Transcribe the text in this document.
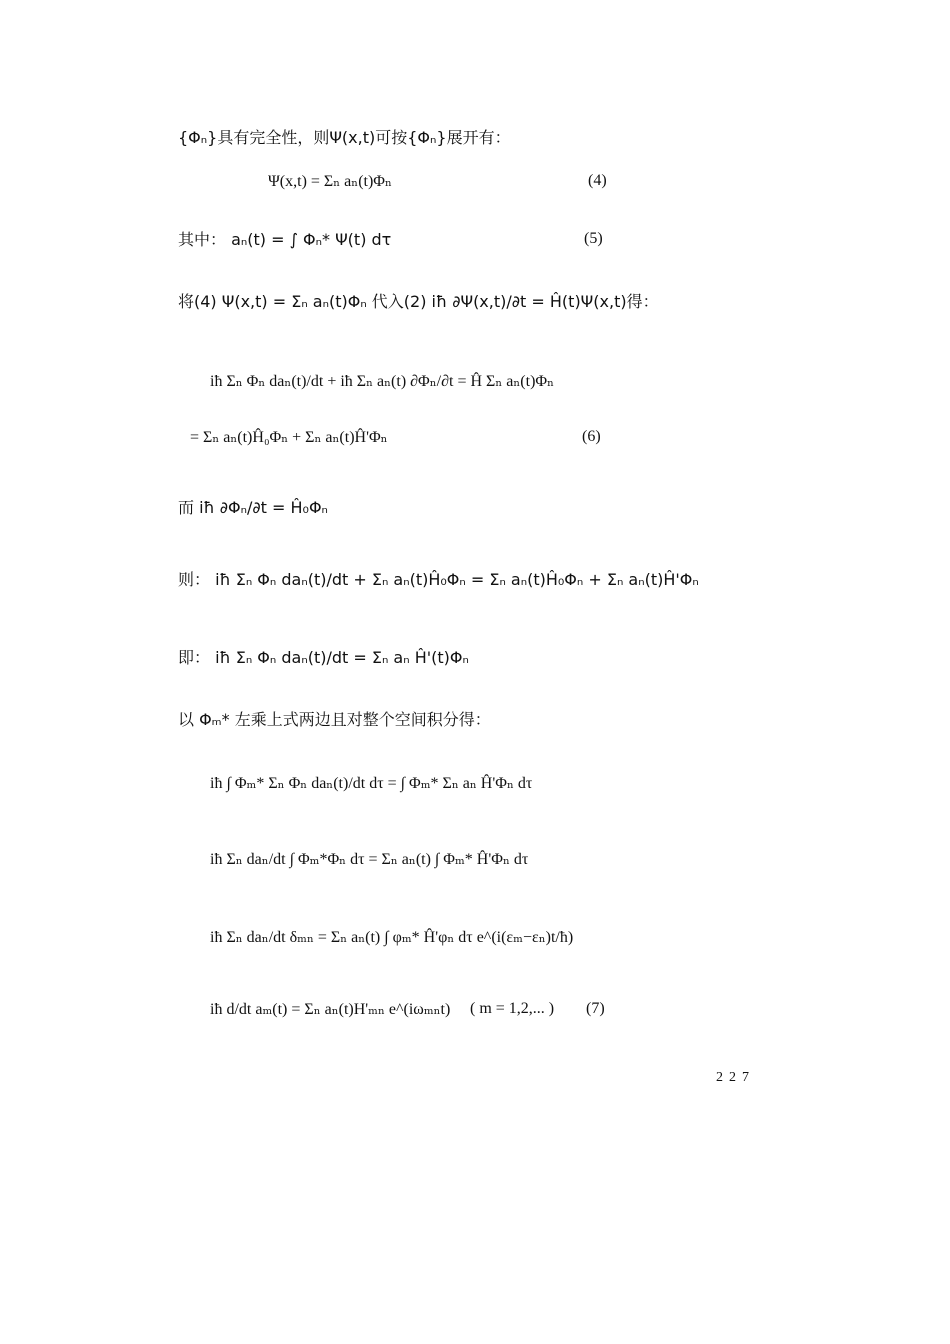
{Φₙ}具有完全性，则Ψ(x,t)可按{Φₙ}展开有：
Ψ(x,t) = Σₙ aₙ(t)Φₙ	(4)
其中： aₙ(t) = ∫ Φₙ* Ψ(t) dτ	(5)
将(4) Ψ(x,t) = Σₙ aₙ(t)Φₙ 代入(2) iħ ∂Ψ(x,t)/∂t = Ĥ(t)Ψ(x,t)得：
iħ Σₙ Φₙ daₙ(t)/dt + iħ Σₙ aₙ(t) ∂Φₙ/∂t = Ĥ Σₙ aₙ(t)Φₙ
= Σₙ aₙ(t)Ĥ₀Φₙ + Σₙ aₙ(t)Ĥ'Φₙ	(6)
而 iħ ∂Φₙ/∂t = Ĥ₀Φₙ
则： iħ Σₙ Φₙ daₙ(t)/dt + Σₙ aₙ(t)Ĥ₀Φₙ = Σₙ aₙ(t)Ĥ₀Φₙ + Σₙ aₙ(t)Ĥ'Φₙ
即： iħ Σₙ Φₙ daₙ(t)/dt = Σₙ aₙ Ĥ'(t)Φₙ
以 Φₘ* 左乘上式两边且对整个空间积分得：
iħ ∫ Φₘ* Σₙ Φₙ daₙ(t)/dt dτ = ∫ Φₘ* Σₙ aₙ Ĥ'Φₙ dτ
iħ Σₙ daₙ/dt ∫ Φₘ*Φₙ dτ = Σₙ aₙ(t) ∫ Φₘ* Ĥ'Φₙ dτ
iħ Σₙ daₙ/dt δₘₙ = Σₙ aₙ(t) ∫ φₘ* Ĥ'φₙ dτ e^(i(εₘ−εₙ)t/ħ)
iħ d/dt aₘ(t) = Σₙ aₙ(t)H'ₘₙ e^(iωₘₙt) ( m = 1,2,... ) (7)
227
